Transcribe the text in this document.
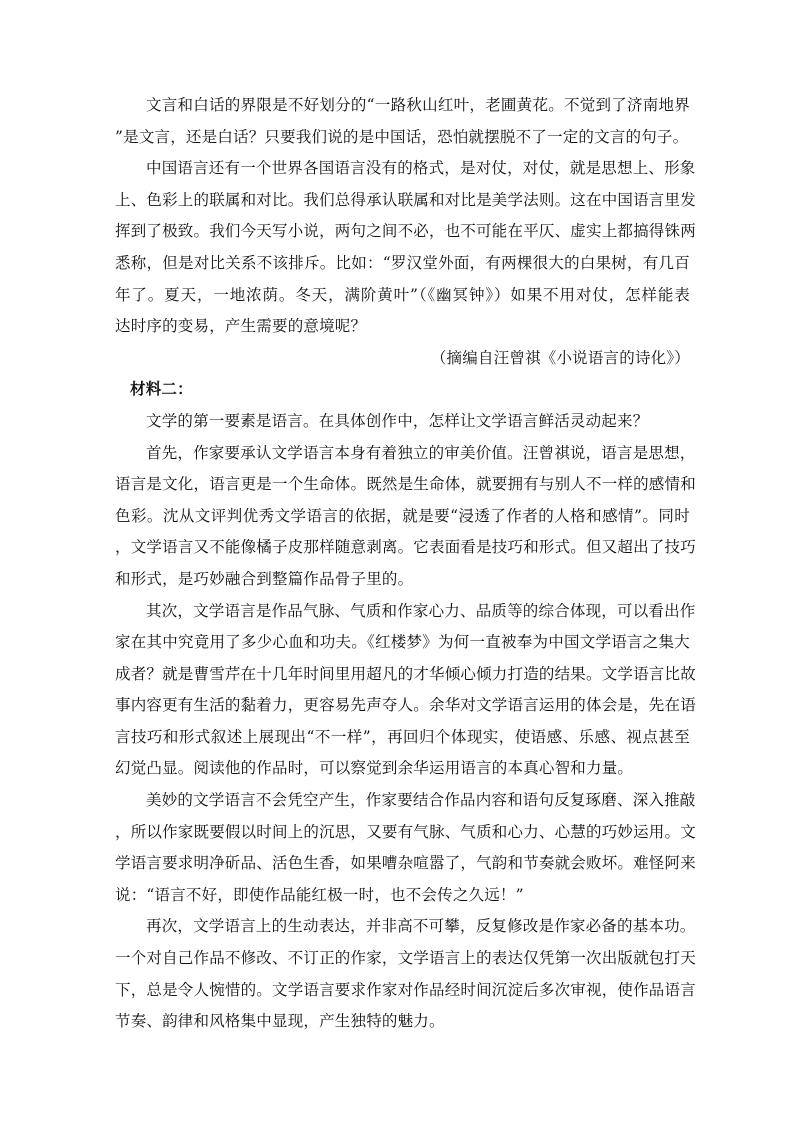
文言和白话的界限是不好划分的“一路秋山红叶，老圃黄花。不觉到了济南地界
”是文言，还是白话？只要我们说的是中国话，恐怕就摆脱不了一定的文言的句子。
中国语言还有一个世界各国语言没有的格式，是对仗，对仗，就是思想上、形象
上、色彩上的联属和对比。我们总得承认联属和对比是美学法则。这在中国语言里发
挥到了极致。我们今天写小说，两句之间不必，也不可能在平仄、虚实上都搞得铢两
悉称，但是对比关系不该排斥。比如：“罗汉堂外面，有两棵很大的白果树，有几百
年了。夏天，一地浓荫。冬天，满阶黄叶”（《幽冥钟》）如果不用对仗，怎样能表
达时序的变易，产生需要的意境呢？
（摘编自汪曾祺《小说语言的诗化》）
材料二：
文学的第一要素是语言。在具体创作中，怎样让文学语言鲜活灵动起来？
首先，作家要承认文学语言本身有着独立的审美价值。汪曾祺说，语言是思想，
语言是文化，语言更是一个生命体。既然是生命体，就要拥有与别人不一样的感情和
色彩。沈从文评判优秀文学语言的依据，就是要“浸透了作者的人格和感情”。同时
，文学语言又不能像橘子皮那样随意剥离。它表面看是技巧和形式。但又超出了技巧
和形式，是巧妙融合到整篇作品骨子里的。
其次，文学语言是作品气脉、气质和作家心力、品质等的综合体现，可以看出作
家在其中究竟用了多少心血和功夫。《红楼梦》为何一直被奉为中国文学语言之集大
成者？就是曹雪芹在十几年时间里用超凡的才华倾心倾力打造的结果。文学语言比故
事内容更有生活的黏着力，更容易先声夺人。余华对文学语言运用的体会是，先在语
言技巧和形式叙述上展现出“不一样”，再回归个体现实，使语感、乐感、视点甚至
幻觉凸显。阅读他的作品时，可以察觉到余华运用语言的本真心智和力量。
美妙的文学语言不会凭空产生，作家要结合作品内容和语句反复琢磨、深入推敲
，所以作家既要假以时间上的沉思，又要有气脉、气质和心力、心慧的巧妙运用。文
学语言要求明净斫品、活色生香，如果嘈杂喧嚣了，气韵和节奏就会败坏。难怪阿来
说：“语言不好，即使作品能红极一时，也不会传之久远！”
再次，文学语言上的生动表达，并非高不可攀，反复修改是作家必备的基本功。
一个对自己作品不修改、不订正的作家，文学语言上的表达仅凭第一次出版就包打天
下，总是令人惋惜的。文学语言要求作家对作品经时间沉淀后多次审视，使作品语言
节奏、韵律和风格集中显现，产生独特的魅力。
